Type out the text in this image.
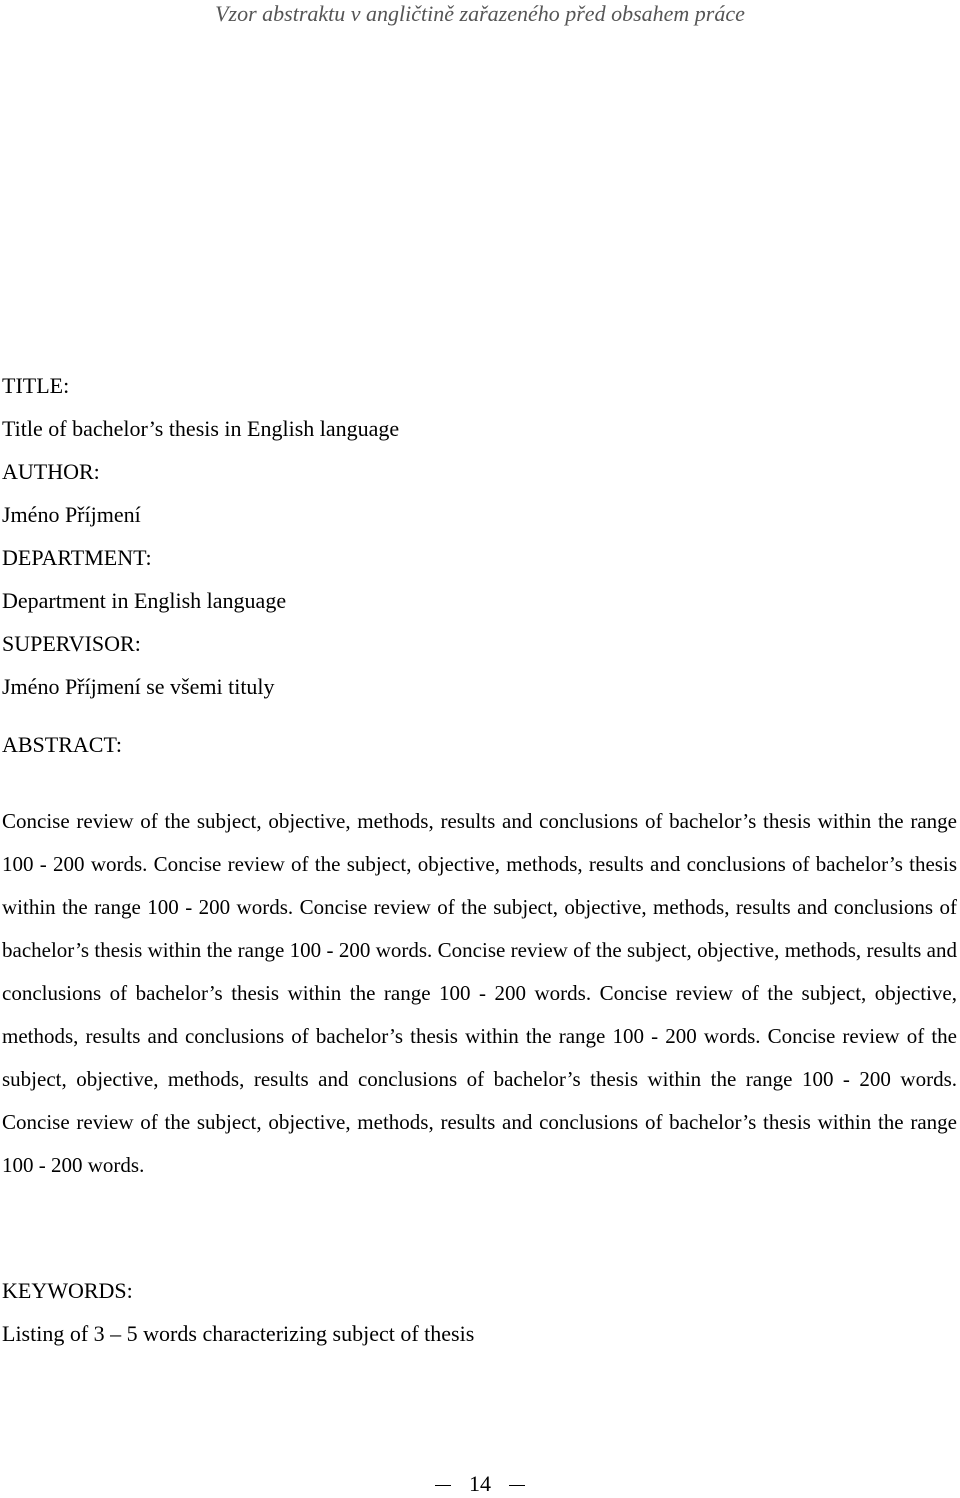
Vzor abstraktu v angličtině zařazeného před obsahem práce
TITLE:
Title of bachelor’s thesis in English language
AUTHOR:
Jméno Příjmení
DEPARTMENT:
Department in English language
SUPERVISOR:
Jméno Příjmení se všemi tituly
ABSTRACT:
Concise review of the subject, objective, methods, results and conclusions of bachelor’s thesis within the range 100 - 200 words. Concise review of the subject, objective, methods, results and conclusions of bachelor’s thesis within the range 100 - 200 words. Concise review of the subject, objective, methods, results and conclusions of bachelor’s thesis within the range 100 - 200 words. Concise review of the subject, objective, methods, results and conclusions of bachelor’s thesis within the range 100 - 200 words. Concise review of the subject, objective, methods, results and conclusions of bachelor’s thesis within the range 100 - 200 words. Concise review of the subject, objective, methods, results and conclusions of bachelor’s thesis within the range 100 - 200 words. Concise review of the subject, objective, methods, results and conclusions of bachelor’s thesis within the range 100 - 200 words.
KEYWORDS:
Listing of 3 – 5 words characterizing subject of thesis
14
